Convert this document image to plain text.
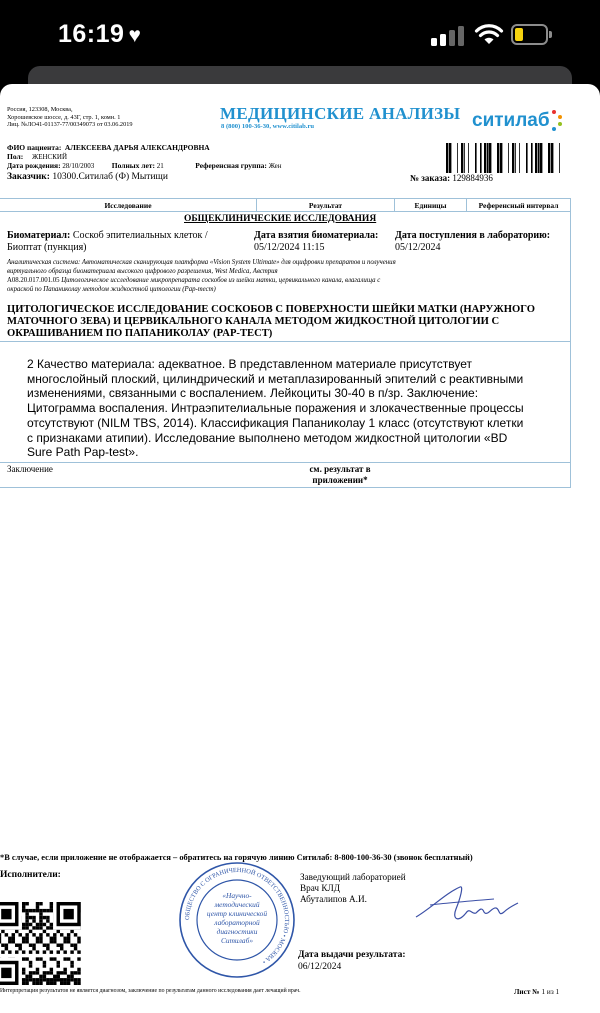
16:19 ♥
Россия, 123308, Москва,
Хорошевское шоссе, д. 43Г, стр. 1, комн. 1
Лиц. №ЛО41-01137-77/00349073 от 03.06.2019
МЕДИЦИНСКИЕ АНАЛИЗЫ
8 (800) 100-36-30, www.citilab.ru	ситилаб
ФИО пациента: АЛЕКСЕЕВА ДАРЬЯ АЛЕКСАНДРОВНА
Пол: ЖЕНСКИЙ
Дата рождения: 28/10/2003 Полных лет: 21	Референсная группа: Жен
Заказчик: 10300.Ситилаб (Ф) Мытищи	№ заказа: 129884936
Исследование	Результат	Единицы	Референсный интервал
ОБЩЕКЛИНИЧЕСКИЕ ИССЛЕДОВАНИЯ
Биоматериал: Соскоб эпителиальных клеток /
Биоптат (пункция)
Дата взятия биоматериала:
05/12/2024 11:15
Дата поступления в лабораторию:
05/12/2024
Аналитическая система: Автоматическая сканирующая платформа «Vision System Ultimate» для оцифровки препаратов и получения
виртуального образца биоматериала высокого цифрового разрешения, West Medica, Австрия
A08.20.017.001.05 Цитологическое исследование микропрепарата соскобов из шейки матки, цервикального канала, влагалища с
окраской по Папаниколау методом жидкостной цитологии (Pap-тест)
ЦИТОЛОГИЧЕСКОЕ ИССЛЕДОВАНИЕ СОСКОБОВ С ПОВЕРХНОСТИ ШЕЙКИ МАТКИ (НАРУЖНОГО МАТОЧНОГО ЗЕВА) И ЦЕРВИКАЛЬНОГО КАНАЛА МЕТОДОМ ЖИДКОСТНОЙ ЦИТОЛОГИИ С ОКРАШИВАНИЕМ ПО ПАПАНИКОЛАУ (PAP-ТЕСТ)
2 Качество материала: адекватное. В представленном материале присутствует многослойный плоский, цилиндрический и метаплазированный эпителий с реактивными изменениями, связанными с воспалением. Лейкоциты 30-40 в п/зр. Заключение: Цитограмма воспаления. Интраэпителиальные поражения и злокачественные процессы отсутствуют (NILM TBS, 2014). Классификация Папаниколау 1 класс (отсутствуют клетки с признаками атипии). Исследование выполнено методом жидкостной цитологии «BD Sure Path Pap-test».
Заключение	см. результат в приложении*
*В случае, если приложение не отображается – обратитесь на горячую линию Ситилаб: 8-800-100-36-30 (звонок бесплатный)
Исполнители:
ОБЩЕСТВО С ОГРАНИЧЕННОЙ ОТВЕТСТВЕННОСТЬЮ • МОСКВА •
«Научно-
методический
центр клинической
лабораторной
диагностики
Ситилаб»
Заведующий лабораторией
Врач КЛД
Абуталипов А.И.
Дата выдачи результата:
06/12/2024
Интерпретация результатов не является диагнозом, заключение по результатам данного исследования дает лечащий врач.	Лист № 1 из 1
